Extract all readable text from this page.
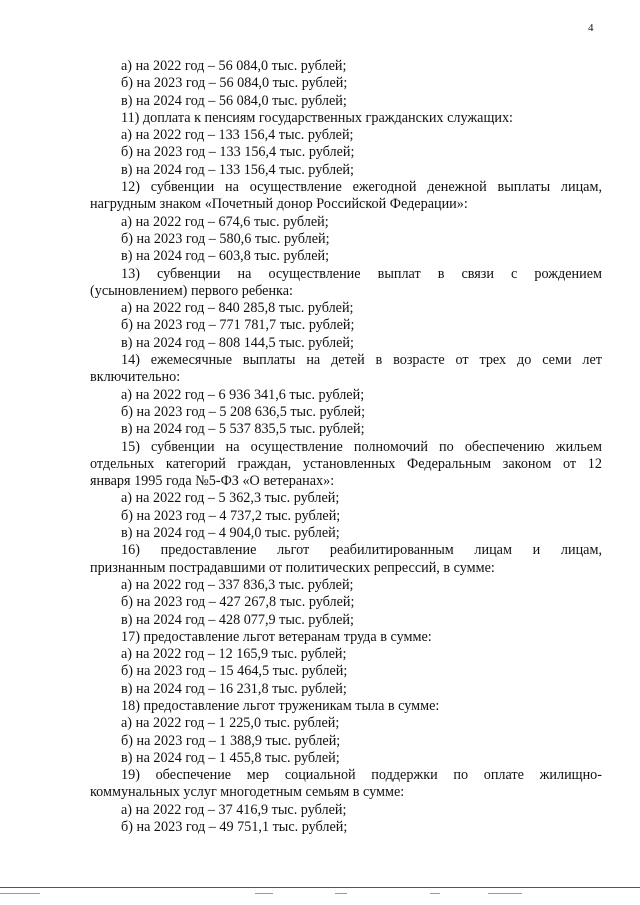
4
а) на 2022 год – 56 084,0 тыс. рублей;
б) на 2023 год – 56 084,0 тыс. рублей;
в) на 2024 год – 56 084,0 тыс. рублей;
11) доплата к пенсиям государственных гражданских служащих:
а) на 2022 год – 133 156,4 тыс. рублей;
б) на 2023 год – 133 156,4 тыс. рублей;
в) на 2024 год – 133 156,4 тыс. рублей;
12) субвенции на осуществление ежегодной денежной выплаты лицам,
нагрудным знаком «Почетный донор Российской Федерации»:
а) на 2022 год – 674,6 тыс. рублей;
б) на 2023 год – 580,6 тыс. рублей;
в) на 2024 год – 603,8 тыс. рублей;
13) субвенции на осуществление выплат в связи с рождением
(усыновлением) первого ребенка:
а) на 2022 год – 840 285,8 тыс. рублей;
б) на 2023 год – 771 781,7 тыс. рублей;
в) на 2024 год – 808 144,5 тыс. рублей;
14) ежемесячные выплаты на детей в возрасте от трех до семи лет
включительно:
а) на 2022 год – 6 936 341,6 тыс. рублей;
б) на 2023 год – 5 208 636,5 тыс. рублей;
в) на 2024 год – 5 537 835,5 тыс. рублей;
15) субвенции на осуществление полномочий по обеспечению жильем
отдельных категорий граждан, установленных Федеральным законом от 12
января 1995 года №5-ФЗ «О ветеранах»:
а) на 2022 год – 5 362,3 тыс. рублей;
б) на 2023 год – 4 737,2 тыс. рублей;
в) на 2024 год – 4 904,0 тыс. рублей;
16) предоставление льгот реабилитированным лицам и лицам,
признанным пострадавшими от политических репрессий, в сумме:
а) на 2022 год – 337 836,3 тыс. рублей;
б) на 2023 год – 427 267,8 тыс. рублей;
в) на 2024 год – 428 077,9 тыс. рублей;
17) предоставление льгот ветеранам труда в сумме:
а) на 2022 год – 12 165,9 тыс. рублей;
б) на 2023 год – 15 464,5 тыс. рублей;
в) на 2024 год – 16 231,8 тыс. рублей;
18) предоставление льгот труженикам тыла в сумме:
а) на 2022 год – 1 225,0 тыс. рублей;
б) на 2023 год – 1 388,9 тыс. рублей;
в) на 2024 год – 1 455,8 тыс. рублей;
19) обеспечение мер социальной поддержки по оплате жилищно-
коммунальных услуг многодетным семьям в сумме:
а) на 2022 год – 37 416,9 тыс. рублей;
б) на 2023 год – 49 751,1 тыс. рублей;
